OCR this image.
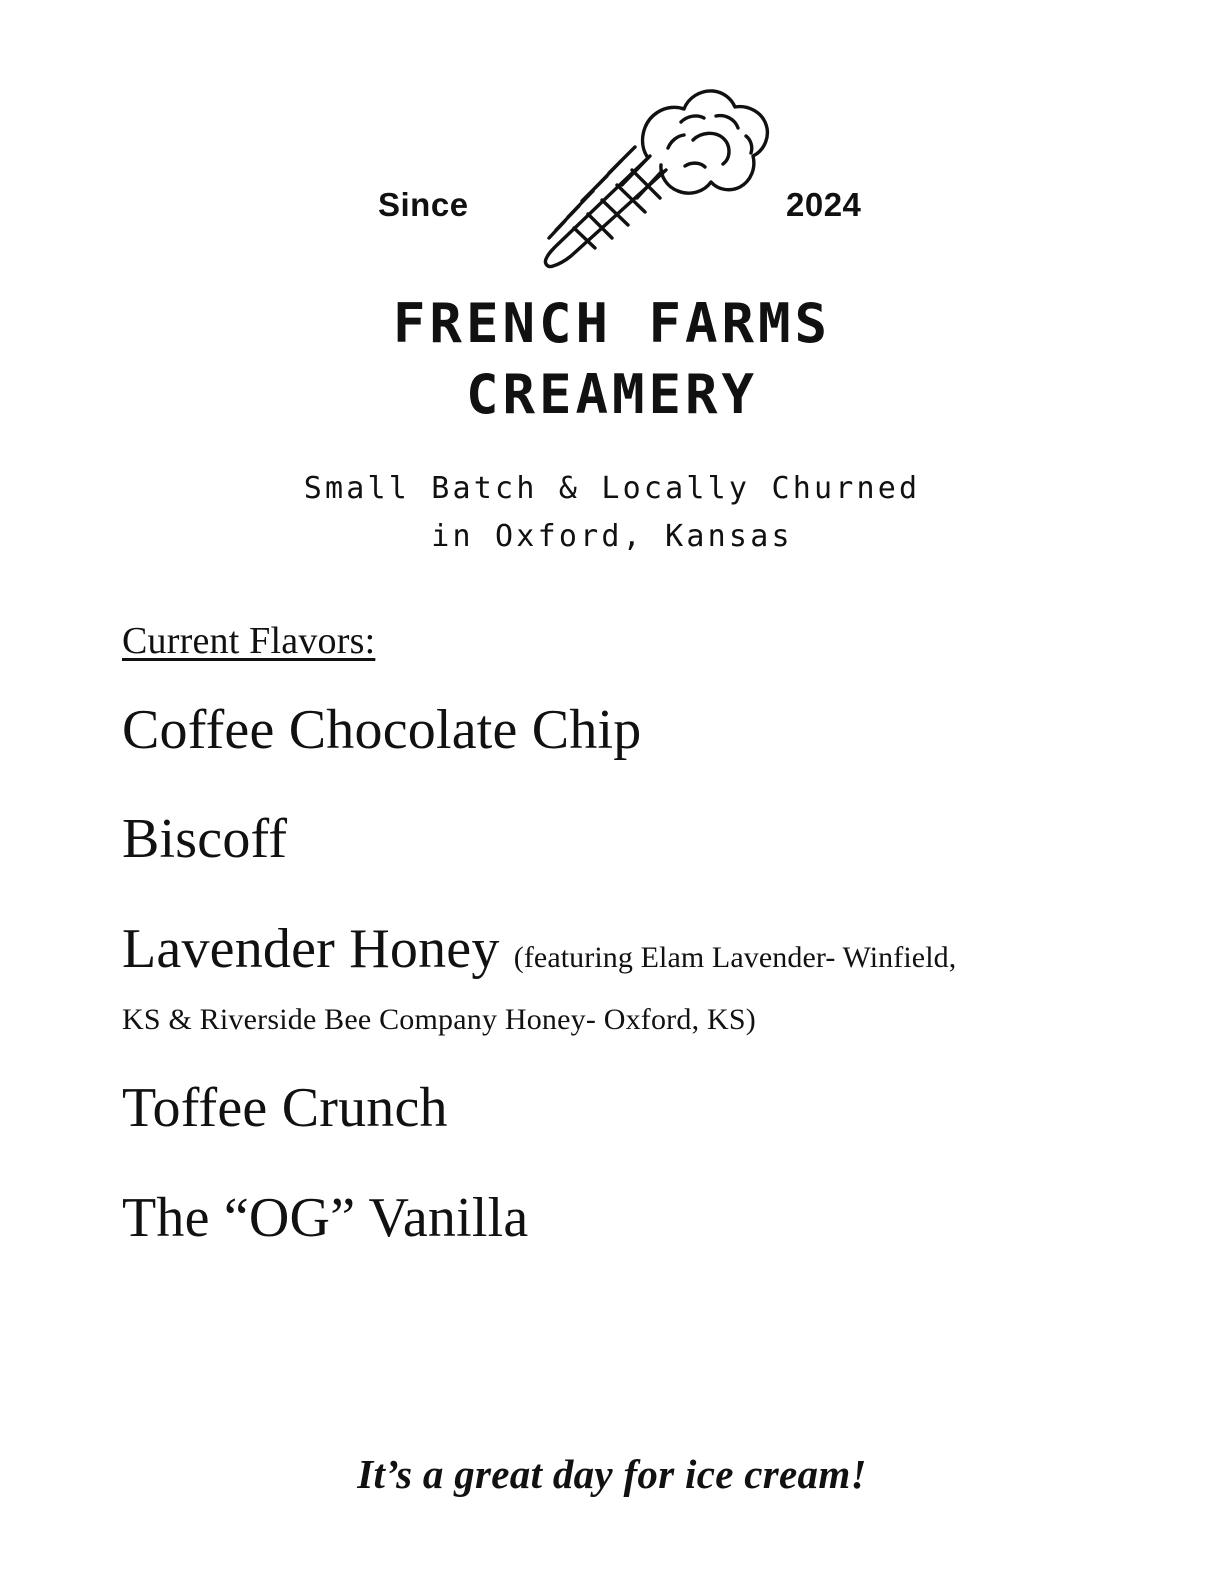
Since	2024
FRENCH FARMS
CREAMERY
Small Batch & Locally Churned
in Oxford, Kansas
Current Flavors:
Coffee Chocolate Chip
Biscoff
Lavender Honey (featuring Elam Lavender- Winfield,
KS & Riverside Bee Company Honey- Oxford, KS)
Toffee Crunch
The “OG” Vanilla
It’s a great day for ice cream!
